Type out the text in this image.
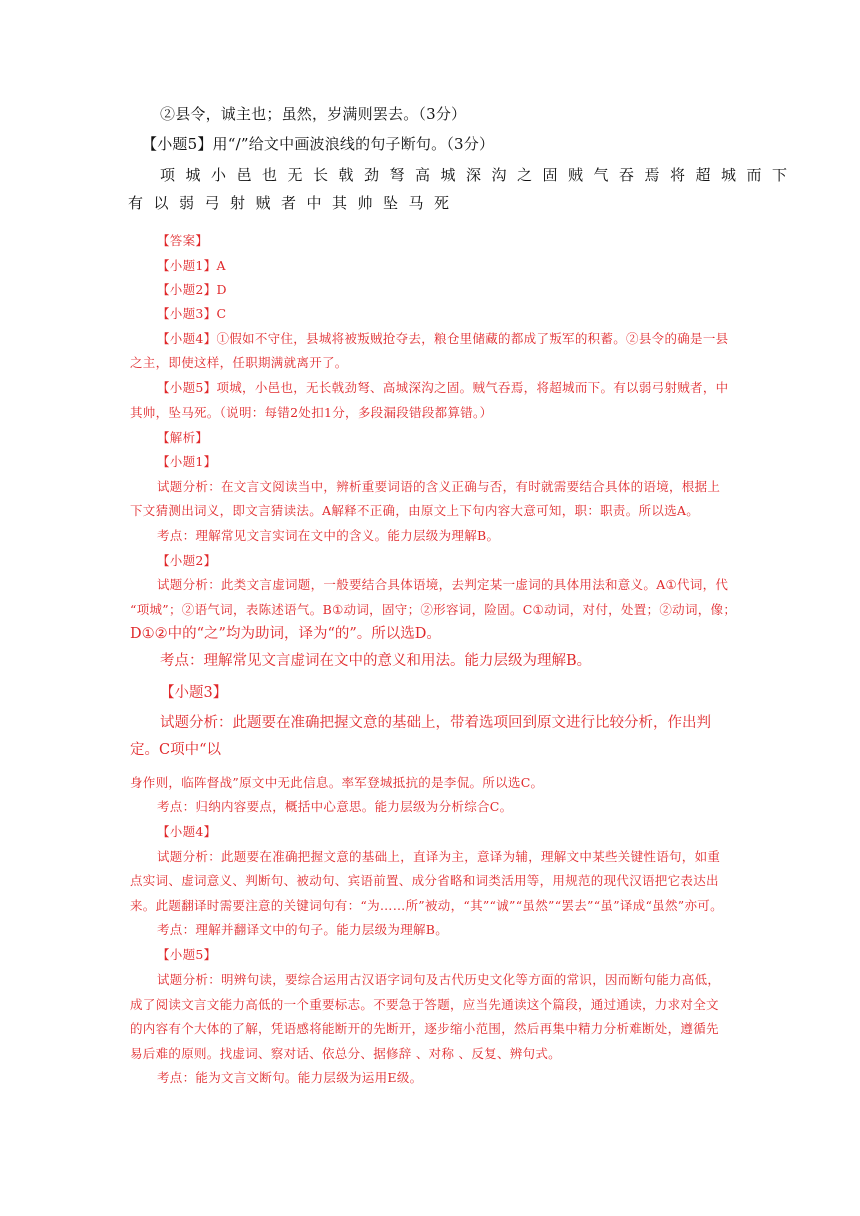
②县令，诚主也；虽然，岁满则罢去。（3分）

【小题5】用“/”给文中画波浪线的句子断句。（3分）

项城小邑也无长戟劲弩高城深沟之固贼气吞焉将超城而下

有以弱弓射贼者中其帅坠马死

【答案】

【小题1】A

【小题2】D

【小题3】C

【小题4】①假如不守住，县城将被叛贼抢夺去，粮仓里储藏的都成了叛军的积蓄。②县令的确是一县

之主，即使这样，任职期满就离开了。

【小题5】项城，小邑也，无长戟劲弩、高城深沟之固。贼气吞焉，将超城而下。有以弱弓射贼者，中

其帅，坠马死。（说明：每错2处扣1分，多段漏段错段都算错。）

【解析】

【小题1】

试题分析：在文言文阅读当中，辨析重要词语的含义正确与否，有时就需要结合具体的语境，根据上

下文猜测出词义，即文言猜读法。A解释不正确，由原文上下句内容大意可知，职：职责。所以选A。

考点：理解常见文言实词在文中的含义。能力层级为理解B。

【小题2】

试题分析：此类文言虚词题，一般要结合具体语境，去判定某一虚词的具体用法和意义。A①代词，代

“项城”；②语气词，表陈述语气。B①动词，固守；②形容词，险固。C①动词，对付，处置；②动词，像；

D①②中的“之”均为助词，译为“的”。所以选D。

考点：理解常见文言虚词在文中的意义和用法。能力层级为理解B。

【小题3】

试题分析：此题要在准确把握文意的基础上，带着选项回到原文进行比较分析，作出判

定。C项中“以

身作则，临阵督战”原文中无此信息。率军登城抵抗的是李侃。所以选C。

考点：归纳内容要点，概括中心意思。能力层级为分析综合C。

【小题4】

试题分析：此题要在准确把握文意的基础上，直译为主，意译为辅，理解文中某些关键性语句，如重

点实词、虚词意义、判断句、被动句、宾语前置、成分省略和词类活用等，用规范的现代汉语把它表达出

来。此题翻译时需要注意的关键词句有：“为……所”被动，“其”“诚”“虽然”“罢去”“虽”译成“虽然”亦可。

考点：理解并翻译文中的句子。能力层级为理解B。

【小题5】

试题分析：明辨句读，要综合运用古汉语字词句及古代历史文化等方面的常识，因而断句能力高低，

成了阅读文言文能力高低的一个重要标志。不要急于答题，应当先通读这个篇段，通过通读，力求对全文

的内容有个大体的了解，凭语感将能断开的先断开，逐步缩小范围，然后再集中精力分析难断处，遵循先

易后难的原则。找虚词、察对话、依总分、据修辞 、对称 、反复、辨句式。

考点：能为文言文断句。能力层级为运用E级。
